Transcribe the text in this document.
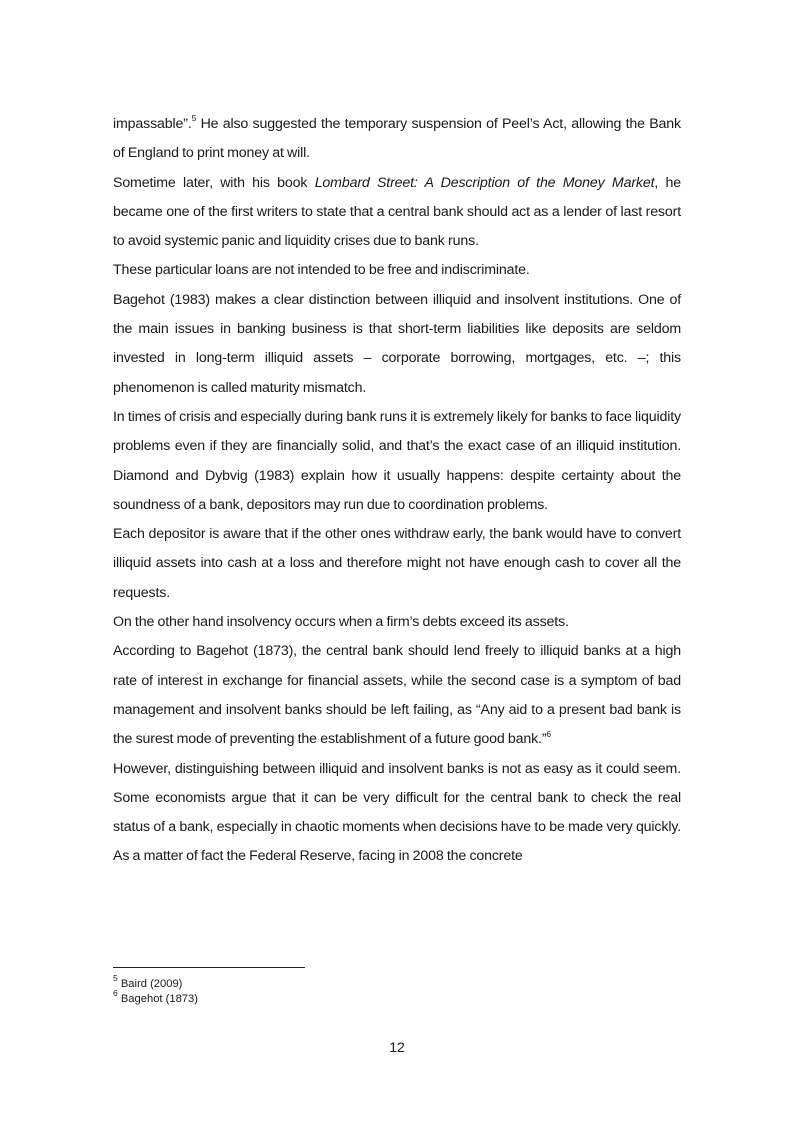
impassable”.$^5$ He also suggested the temporary suspension of Peel’s Act, allowing the Bank of England to print money at will.

Sometime later, with his book Lombard Street: A Description of the Money Market, he became one of the first writers to state that a central bank should act as a lender of last resort to avoid systemic panic and liquidity crises due to bank runs.

These particular loans are not intended to be free and indiscriminate.

Bagehot (1983) makes a clear distinction between illiquid and insolvent institutions. One of the main issues in banking business is that short-term liabilities like deposits are seldom invested in long-term illiquid assets – corporate borrowing, mortgages, etc. –; this phenomenon is called maturity mismatch.

In times of crisis and especially during bank runs it is extremely likely for banks to face liquidity problems even if they are financially solid, and that’s the exact case of an illiquid institution. Diamond and Dybvig (1983) explain how it usually happens: despite certainty about the soundness of a bank, depositors may run due to coordination problems.

Each depositor is aware that if the other ones withdraw early, the bank would have to convert illiquid assets into cash at a loss and therefore might not have enough cash to cover all the requests.

On the other hand insolvency occurs when a firm’s debts exceed its assets.

According to Bagehot (1873), the central bank should lend freely to illiquid banks at a high rate of interest in exchange for financial assets, while the second case is a symptom of bad management and insolvent banks should be left failing, as “Any aid to a present bad bank is the surest mode of preventing the establishment of a future good bank.”$^6$

However, distinguishing between illiquid and insolvent banks is not as easy as it could seem. Some economists argue that it can be very difficult for the central bank to check the real status of a bank, especially in chaotic moments when decisions have to be made very quickly. As a matter of fact the Federal Reserve, facing in 2008 the concrete

$^5$ Baird (2009)

$^6$ Bagehot (1873)

12
